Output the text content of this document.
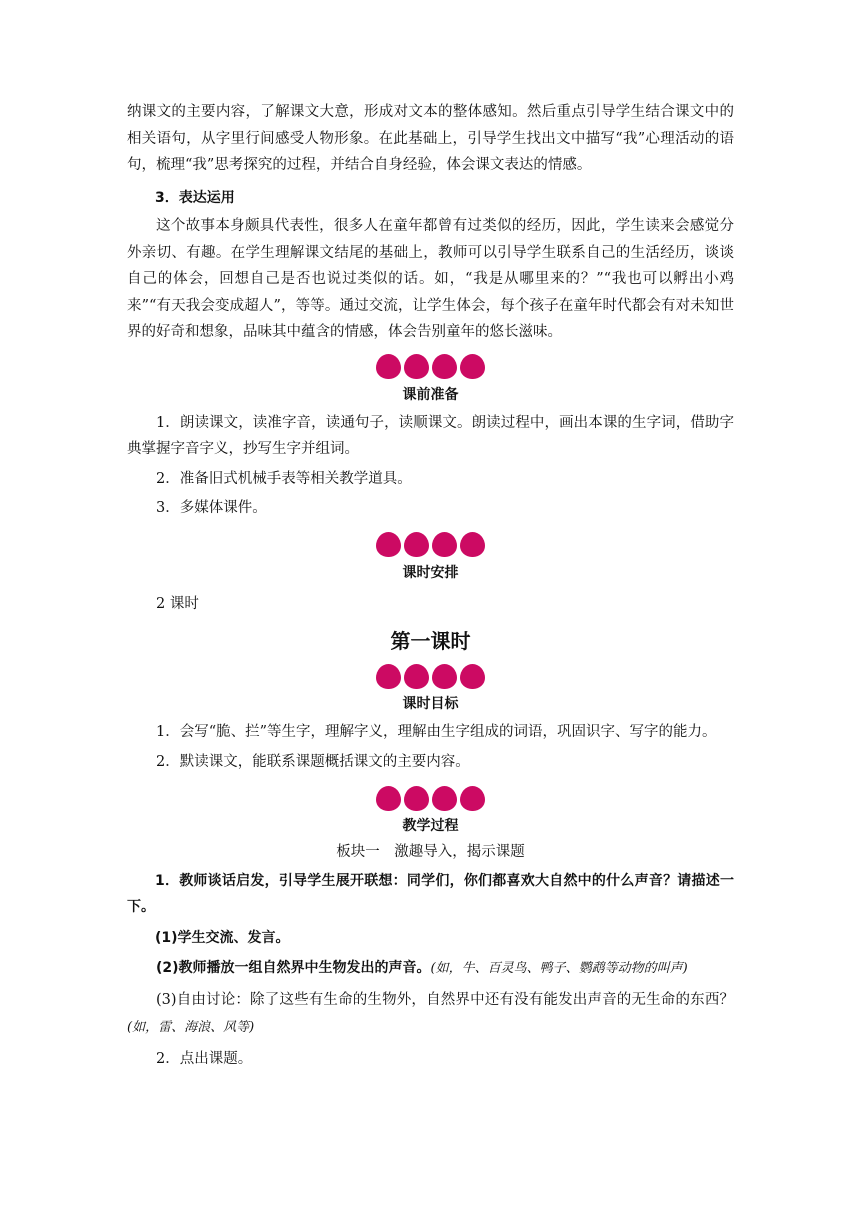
纳课文的主要内容，了解课文大意，形成对文本的整体感知。然后重点引导学生结合课文中的相关语句，从字里行间感受人物形象。在此基础上，引导学生找出文中描写“我”心理活动的语句，梳理“我”思考探究的过程，并结合自身经验，体会课文表达的情感。

3．表达运用

这个故事本身颇具代表性，很多人在童年都曾有过类似的经历，因此，学生读来会感觉分外亲切、有趣。在学生理解课文结尾的基础上，教师可以引导学生联系自己的生活经历，谈谈自己的体会，回想自己是否也说过类似的话。如，“我是从哪里来的？”“我也可以孵出小鸡来”“有天我会变成超人”，等等。通过交流，让学生体会，每个孩子在童年时代都会有对未知世界的好奇和想象，品味其中蕴含的情感，体会告别童年的悠长滋味。

课前准备

1．朗读课文，读准字音，读通句子，读顺课文。朗读过程中，画出本课的生字词，借助字典掌握字音字义，抄写生字并组词。

2．准备旧式机械手表等相关教学道具。

3．多媒体课件。

课时安排

2 课时

第一课时
课时目标

1．会写“脆、拦”等生字，理解字义，理解由生字组成的词语，巩固识字、写字的能力。

2．默读课文，能联系课题概括课文的主要内容。

教学过程

板块一　激趣导入，揭示课题

1．教师谈话启发，引导学生展开联想：同学们，你们都喜欢大自然中的什么声音？请描述一 下。

(1)学生交流、发言。

(2)教师播放一组自然界中生物发出的声音。(如，牛、百灵鸟、鸭子、鹦鹉等动物的叫声)

(3)自由讨论：除了这些有生命的生物外，自然界中还有没有能发出声音的无生命的东西？ (如，雷、海浪、风等)

2．点出课题。
